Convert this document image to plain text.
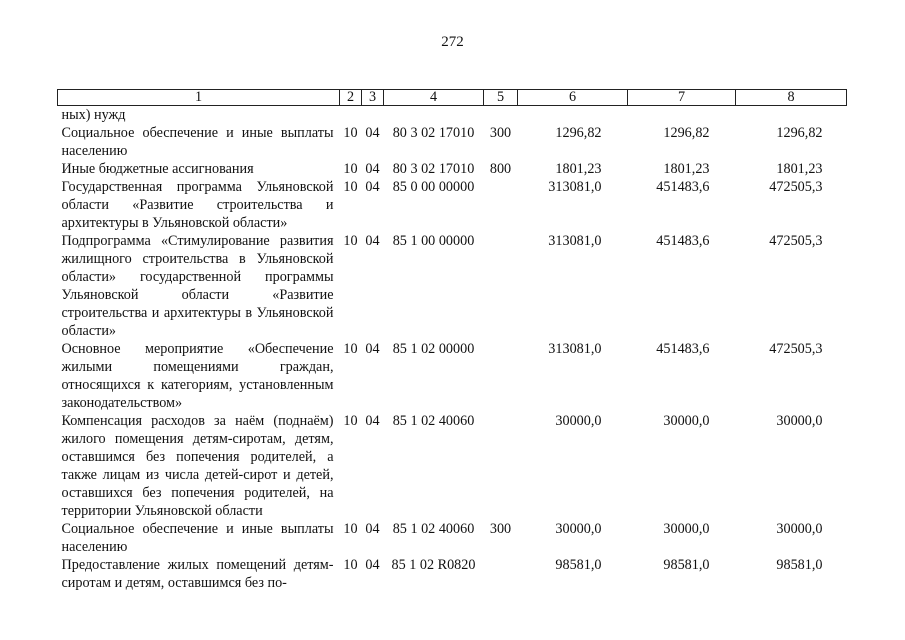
272
1	2	3	4	5	6	7	8
ных) нужд							
Социальное обеспечение и иные выплаты населению	10	04	80 3 02 17010	300	1296,82	1296,82	1296,82
Иные бюджетные ассигнования	10	04	80 3 02 17010	800	1801,23	1801,23	1801,23
Государственная программа Ульяновской области «Развитие строительства и архитектуры в Ульяновской области»	10	04	85 0 00 00000		313081,0	451483,6	472505,3
Подпрограмма «Стимулирование развития жилищного строительства в Ульяновской области» государственной программы Ульяновской области «Развитие строительства и архитектуры в Ульяновской области»	10	04	85 1 00 00000		313081,0	451483,6	472505,3
Основное мероприятие «Обеспечение жилыми помещениями граждан, относящихся к категориям, установленным законодательством»	10	04	85 1 02 00000		313081,0	451483,6	472505,3
Компенсация расходов за наём (поднаём) жилого помещения детям-сиротам, детям, оставшимся без попечения родителей, а также лицам из числа детей-сирот и детей, оставшихся без попечения родителей, на территории Ульяновской области	10	04	85 1 02 40060		30000,0	30000,0	30000,0
Социальное обеспечение и иные выплаты населению	10	04	85 1 02 40060	300	30000,0	30000,0	30000,0
Предоставление жилых помещений детям-сиротам и детям, оставшимся без по-	10	04	85 1 02 R0820		98581,0	98581,0	98581,0
